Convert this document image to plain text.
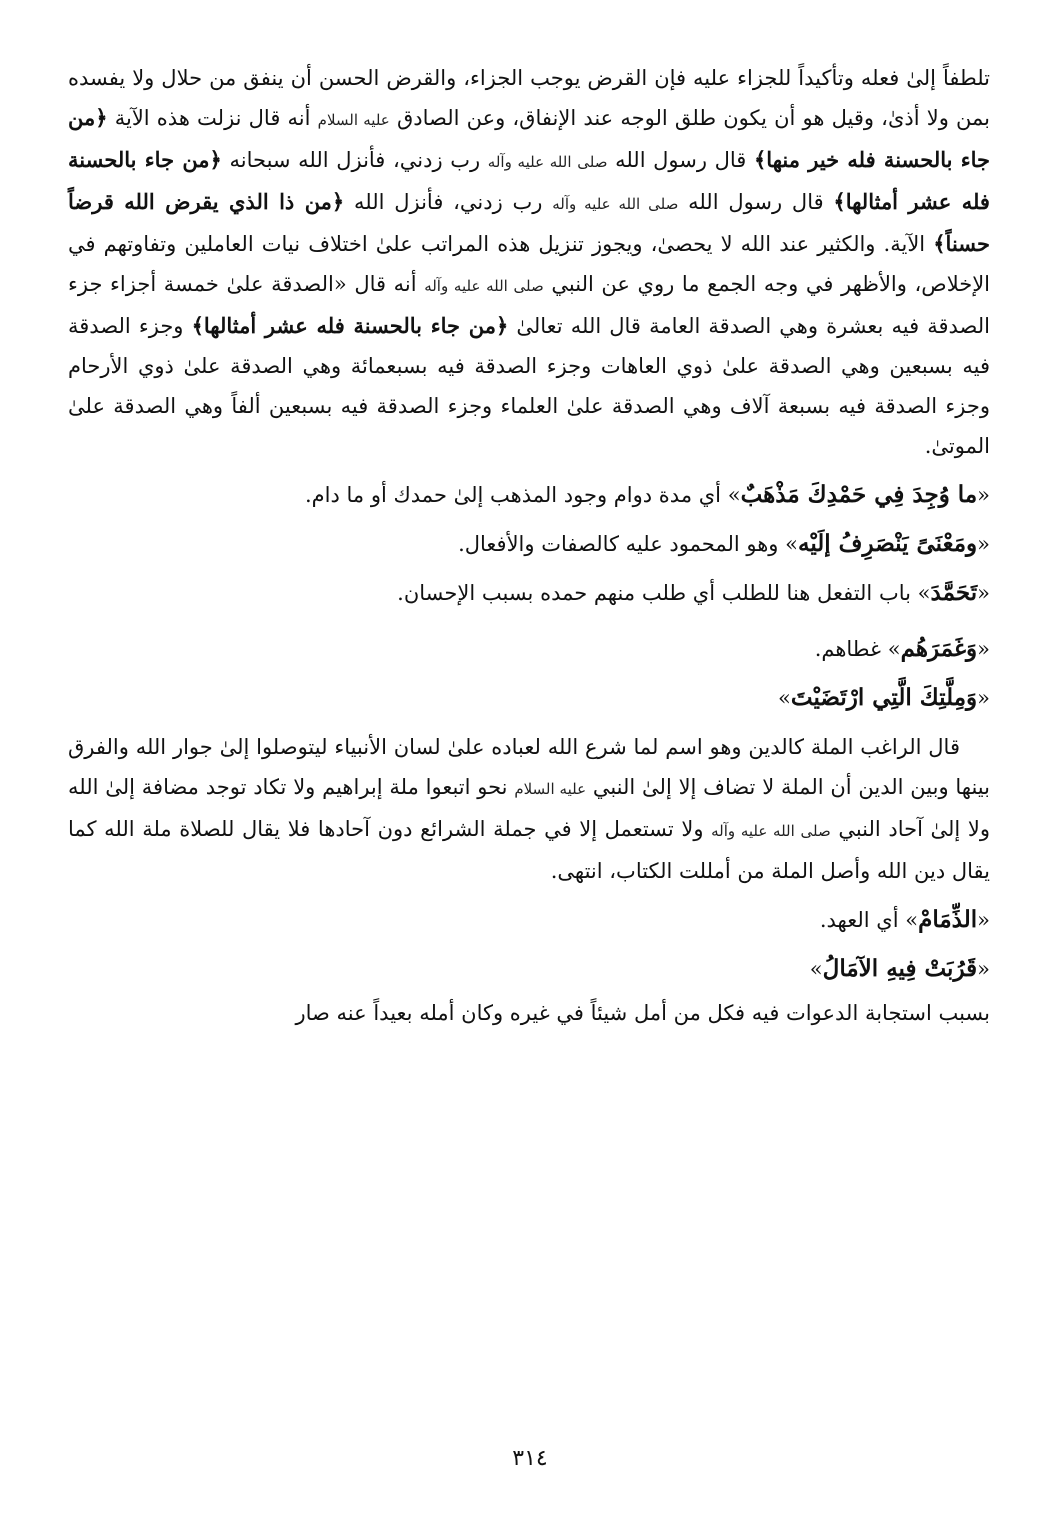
تلطفاً إلىٰ فعله وتأكيداً للجزاء عليه فإن القرض يوجب الجزاء، والقرض الحسن أن ينفق من حلال ولا يفسده بمن ولا أذىٰ، وقيل هو أن يكون طلق الوجه عند الإنفاق، وعن الصادق عليه السلام أنه قال نزلت هذه الآية ﴿من جاء بالحسنة فله خير منها﴾ قال رسول الله صلى الله عليه وآله رب زدني، فأنزل الله سبحانه ﴿من جاء بالحسنة فله عشر أمثالها﴾ قال رسول الله صلى الله عليه وآله رب زدني، فأنزل الله ﴿من ذا الذي يقرض الله قرضاً حسناً﴾ الآية. والكثير عند الله لا يحصىٰ، ويجوز تنزيل هذه المراتب علىٰ اختلاف نيات العاملين وتفاوتهم في الإخلاص، والأظهر في وجه الجمع ما روي عن النبي صلى الله عليه وآله أنه قال «الصدقة علىٰ خمسة أجزاء جزء الصدقة فيه بعشرة وهي الصدقة العامة قال الله تعالىٰ ﴿من جاء بالحسنة فله عشر أمثالها﴾ وجزء الصدقة فيه بسبعين وهي الصدقة علىٰ ذوي العاهات وجزء الصدقة فيه بسبعمائة وهي الصدقة علىٰ ذوي الأرحام وجزء الصدقة فيه بسبعة آلاف وهي الصدقة علىٰ العلماء وجزء الصدقة فيه بسبعين ألفاً وهي الصدقة علىٰ الموتىٰ.

«ما وُجِدَ فِي حَمْدِكَ مَذْهَبٌ» أي مدة دوام وجود المذهب إلىٰ حمدك أو ما دام.

«ومَعْنَىً يَنْصَرِفُ إلَيْه» وهو المحمود عليه كالصفات والأفعال.

«تَحَمَّدَ» باب التفعل هنا للطلب أي طلب منهم حمده بسبب الإحسان.

«وَغَمَرَهُم» غطاهم.

«وَمِلَّتِكَ الَّتِي ارْتَضَيْتَ»

قال الراغب الملة كالدين وهو اسم لما شرع الله لعباده علىٰ لسان الأنبياء ليتوصلوا إلىٰ جوار الله والفرق بينها وبين الدين أن الملة لا تضاف إلا إلىٰ النبي عليه السلام نحو اتبعوا ملة إبراهيم ولا تكاد توجد مضافة إلىٰ الله ولا إلىٰ آحاد النبي صلى الله عليه وآله ولا تستعمل إلا في جملة الشرائع دون آحادها فلا يقال للصلاة ملة الله كما يقال دين الله وأصل الملة من أمللت الكتاب، انتهى.

«الذِّمَامْ» أي العهد.

«قَرُبَتْ فِيهِ الآمَالُ»

بسبب استجابة الدعوات فيه فكل من أمل شيئاً في غيره وكان أمله بعيداً عنه صار

٣١٤
